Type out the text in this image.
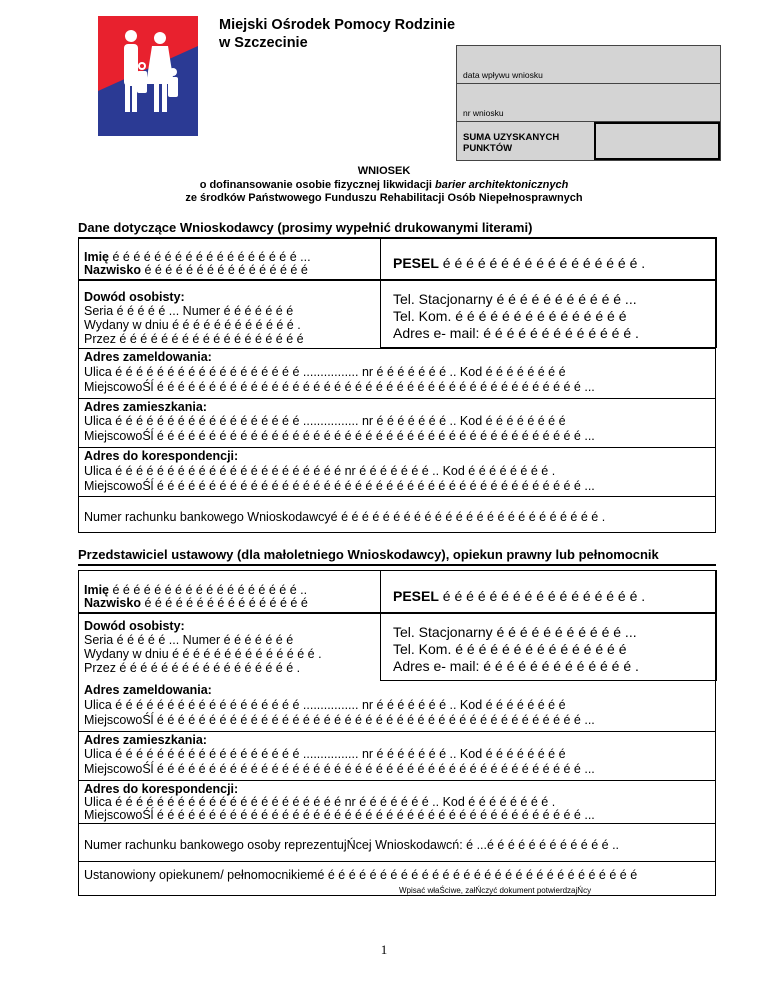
Miejski Ośrodek Pomocy Rodzinie
w Szczecinie
data wpływu wniosku
nr wniosku
SUMA UZYSKANYCH
PUNKTÓW
WNIOSEK
o dofinansowanie osobie fizycznej likwidacji barier architektonicznych
ze środków Państwowego Funduszu Rehabilitacji Osób Niepełnosprawnych
Dane dotyczące Wnioskodawcy (prosimy wypełnić drukowanymi literami)
Imię é é é é é é é é é é é é é é é é é é ...
Nazwisko é é é é é é é é é é é é é é é é	PESEL é é é é é é é é é é é é é é é é é .
Dowód osobisty:
Seria é é é é é ... Numer é é é é é é é
Wydany w dniu é é é é é é é é é é é é .
Przez é é é é é é é é é é é é é é é é é é
Tel. Stacjonarny é é é é é é é é é é é ...
Tel. Kom. é é é é é é é é é é é é é é é
Adres e- mail: é é é é é é é é é é é é é .
Adres zameldowania:
Ulica é é é é é é é é é é é é é é é é é é ................ nr é é é é é é é .. Kod é é é é é é é é
MiejscowoŚĺ é é é é é é é é é é é é é é é é é é é é é é é é é é é é é é é é é é é é é é é é é ...
Adres zamieszkania:
Ulica é é é é é é é é é é é é é é é é é é ................ nr é é é é é é é .. Kod é é é é é é é é
MiejscowoŚĺ é é é é é é é é é é é é é é é é é é é é é é é é é é é é é é é é é é é é é é é é é ...
Adres do korespondencji:
Ulica é é é é é é é é é é é é é é é é é é é é é é nr é é é é é é é .. Kod é é é é é é é é .
MiejscowoŚĺ é é é é é é é é é é é é é é é é é é é é é é é é é é é é é é é é é é é é é é é é é ...
Numer rachunku bankowego Wnioskodawcyé é é é é é é é é é é é é é é é é é é é é é é é é é .
Przedstawiciel ustawowy (dla małoletniego Wnioskodawcy), opiekun prawny lub pełnomocnik
Imię é é é é é é é é é é é é é é é é é é ..
Nazwisko é é é é é é é é é é é é é é é é	PESEL é é é é é é é é é é é é é é é é é .
Dowód osobisty:
Seria é é é é é ... Numer é é é é é é é
Wydany w dniu é é é é é é é é é é é é é é .
Przez é é é é é é é é é é é é é é é é é .
Tel. Stacjonarny é é é é é é é é é é é ...
Tel. Kom. é é é é é é é é é é é é é é é
Adres e- mail: é é é é é é é é é é é é é .
Adres zameldowania:
Ulica é é é é é é é é é é é é é é é é é é ................ nr é é é é é é é .. Kod é é é é é é é é
MiejscowoŚĺ é é é é é é é é é é é é é é é é é é é é é é é é é é é é é é é é é é é é é é é é é ...
Adres zamieszkania:
Ulica é é é é é é é é é é é é é é é é é é ................ nr é é é é é é é .. Kod é é é é é é é é
MiejscowoŚĺ é é é é é é é é é é é é é é é é é é é é é é é é é é é é é é é é é é é é é é é é é ...
Adres do korespondencji:
Ulica é é é é é é é é é é é é é é é é é é é é é é nr é é é é é é é .. Kod é é é é é é é é .
MiejscowoŚĺ é é é é é é é é é é é é é é é é é é é é é é é é é é é é é é é é é é é é é é é é é ...
Numer rachunku bankowego osoby reprezentujŃcej Wnioskodawcń: é ...é é é é é é é é é é é é ..
Ustanowiony opiekunem/ pełnomocnikiemé é é é é é é é é é é é é é é é é é é é é é é é é é é é é é é
Wpisać właŚciwe, załŃczyć dokument potwierdzajŃcy
1
